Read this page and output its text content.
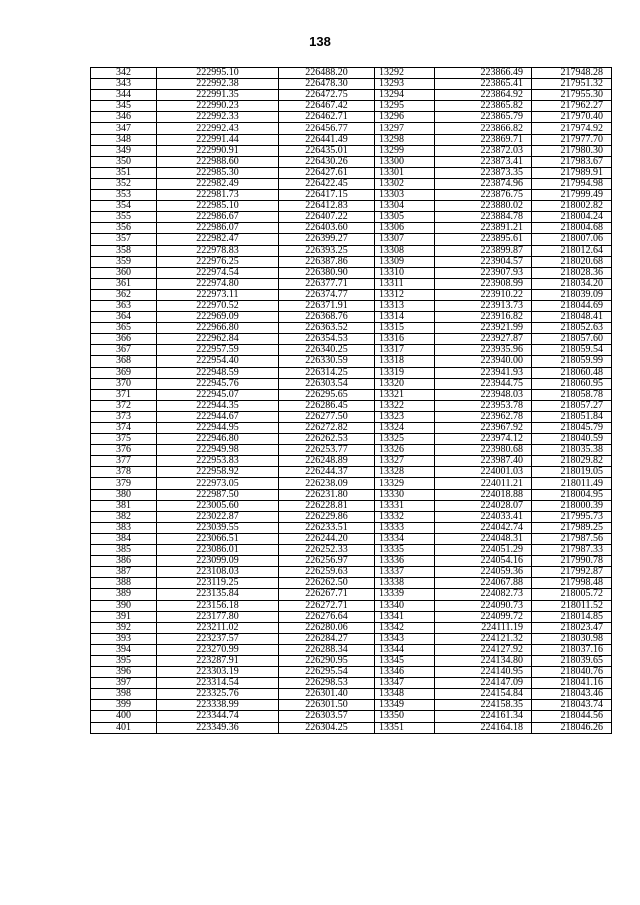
138
342	222995.10	226488.20	13292	223866.49	217948.28
343	222992.38	226478.30	13293	223865.41	217951.32
344	222991.35	226472.75	13294	223864.92	217955.30
345	222990.23	226467.42	13295	223865.82	217962.27
346	222992.33	226462.71	13296	223865.79	217970.40
347	222992.43	226456.77	13297	223866.82	217974.92
348	222991.44	226441.49	13298	223869.71	217977.70
349	222990.91	226435.01	13299	223872.03	217980.30
350	222988.60	226430.26	13300	223873.41	217983.67
351	222985.30	226427.61	13301	223873.35	217989.91
352	222982.49	226422.45	13302	223874.96	217994.98
353	222981.73	226417.15	13303	223876.75	217999.49
354	222985.10	226412.83	13304	223880.02	218002.82
355	222986.67	226407.22	13305	223884.78	218004.24
356	222986.07	226403.60	13306	223891.21	218004.68
357	222982.47	226399.27	13307	223895.61	218007.06
358	222978.83	226393.25	13308	223899.87	218012.64
359	222976.25	226387.86	13309	223904.57	218020.68
360	222974.54	226380.90	13310	223907.93	218028.36
361	222974.80	226377.71	13311	223908.99	218034.20
362	222973.11	226374.77	13312	223910.22	218039.09
363	222970.52	226371.91	13313	223913.73	218044.69
364	222969.09	226368.76	13314	223916.82	218048.41
365	222966.80	226363.52	13315	223921.99	218052.63
366	222962.84	226354.53	13316	223927.87	218057.60
367	222957.59	226340.25	13317	223935.96	218059.54
368	222954.40	226330.59	13318	223940.00	218059.99
369	222948.59	226314.25	13319	223941.93	218060.48
370	222945.76	226303.54	13320	223944.75	218060.95
371	222945.07	226295.65	13321	223948.03	218058.78
372	222944.35	226286.45	13322	223953.78	218057.27
373	222944.67	226277.50	13323	223962.78	218051.84
374	222944.95	226272.82	13324	223967.92	218045.79
375	222946.80	226262.53	13325	223974.12	218040.59
376	222949.98	226253.77	13326	223980.68	218035.38
377	222953.83	226248.89	13327	223987.40	218029.82
378	222958.92	226244.37	13328	224001.03	218019.05
379	222973.05	226238.09	13329	224011.21	218011.49
380	222987.50	226231.80	13330	224018.88	218004.95
381	223005.60	226228.81	13331	224028.07	218000.39
382	223022.87	226229.86	13332	224033.41	217995.73
383	223039.55	226233.51	13333	224042.74	217989.25
384	223066.51	226244.20	13334	224048.31	217987.56
385	223086.01	226252.33	13335	224051.29	217987.33
386	223099.09	226256.97	13336	224054.16	217990.78
387	223108.03	226259.63	13337	224059.36	217992.87
388	223119.25	226262.50	13338	224067.88	217998.48
389	223135.84	226267.71	13339	224082.73	218005.72
390	223156.18	226272.71	13340	224090.73	218011.52
391	223177.80	226276.64	13341	224099.72	218014.85
392	223211.02	226280.06	13342	224111.19	218023.47
393	223237.57	226284.27	13343	224121.32	218030.98
394	223270.99	226288.34	13344	224127.92	218037.16
395	223287.91	226290.95	13345	224134.80	218039.65
396	223303.19	226295.54	13346	224140.95	218040.76
397	223314.54	226298.53	13347	224147.09	218041.16
398	223325.76	226301.40	13348	224154.84	218043.46
399	223338.99	226301.50	13349	224158.35	218043.74
400	223344.74	226303.57	13350	224161.34	218044.56
401	223349.36	226304.25	13351	224164.18	218046.26
